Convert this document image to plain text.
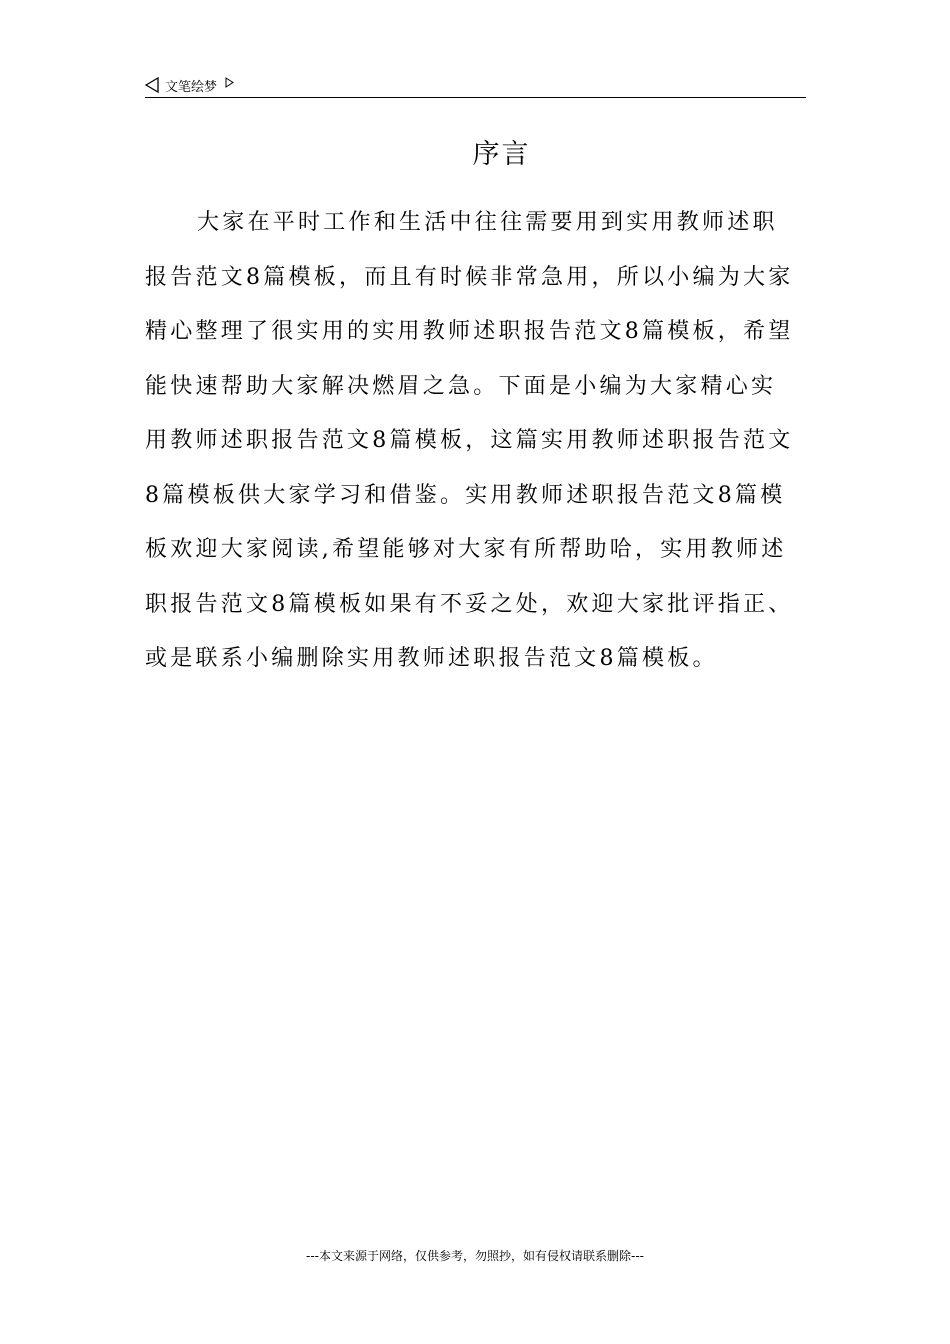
文笔绘梦
序言
大家在平时工作和生活中往往需要用到实用教师述职
报告范文8篇模板，而且有时候非常急用，所以小编为大家
精心整理了很实用的实用教师述职报告范文8篇模板，希望
能快速帮助大家解决燃眉之急。下面是小编为大家精心实
用教师述职报告范文8篇模板，这篇实用教师述职报告范文
8篇模板供大家学习和借鉴。实用教师述职报告范文8篇模
板欢迎大家阅读,希望能够对大家有所帮助哈，实用教师述
职报告范文8篇模板如果有不妥之处，欢迎大家批评指正、
或是联系小编删除实用教师述职报告范文8篇模板。
---本文来源于网络，仅供参考，勿照抄，如有侵权请联系删除---
